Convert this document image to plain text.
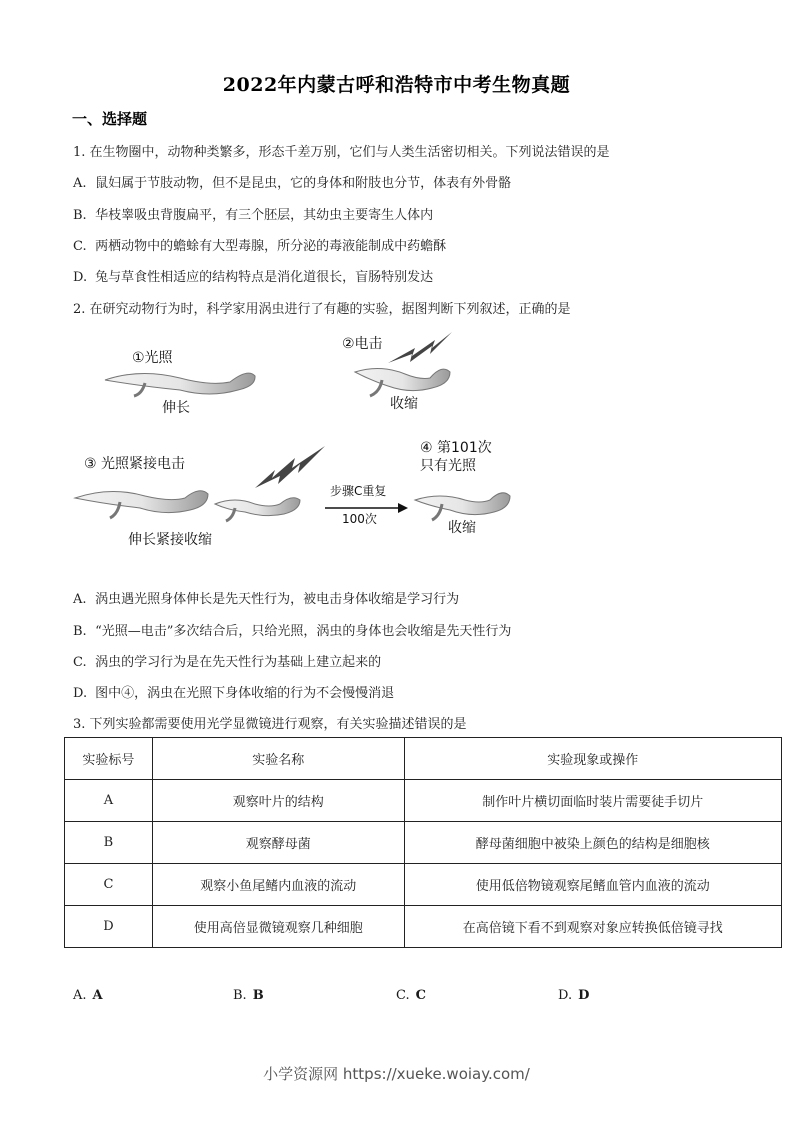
2022年内蒙古呼和浩特市中考生物真题
一、选择题
1. 在生物圈中，动物种类繁多，形态千差万别，它们与人类生活密切相关。下列说法错误的是
A. 鼠妇属于节肢动物，但不是昆虫，它的身体和附肢也分节，体表有外骨骼
B. 华枝睾吸虫背腹扁平，有三个胚层，其幼虫主要寄生人体内
C. 两栖动物中的蟾蜍有大型毒腺，所分泌的毒液能制成中药蟾酥
D. 兔与草食性相适应的结构特点是消化道很长，盲肠特别发达
2. 在研究动物行为时，科学家用涡虫进行了有趣的实验，据图判断下列叙述，正确的是
①光照
伸长
②电击
收缩
③ 光照紧接电击
伸长紧接收缩
步骤C重复
100次
④ 第101次
只有光照
收缩
A. 涡虫遇光照身体伸长是先天性行为，被电击身体收缩是学习行为
B. “光照—电击”多次结合后，只给光照，涡虫的身体也会收缩是先天性行为
C. 涡虫的学习行为是在先天性行为基础上建立起来的
D. 图中④，涡虫在光照下身体收缩的行为不会慢慢消退
3. 下列实验都需要使用光学显微镜进行观察，有关实验描述错误的是
实验标号	实验名称	实验现象或操作
A	观察叶片的结构	制作叶片横切面临时装片需要徒手切片
B	观察酵母菌	酵母菌细胞中被染上颜色的结构是细胞核
C	观察小鱼尾鳍内血液的流动	使用低倍物镜观察尾鳍血管内血液的流动
D	使用高倍显微镜观察几种细胞	在高倍镜下看不到观察对象应转换低倍镜寻找
A. A	B. B	C. C	D. D
小学资源网 https://xueke.woiay.com/
